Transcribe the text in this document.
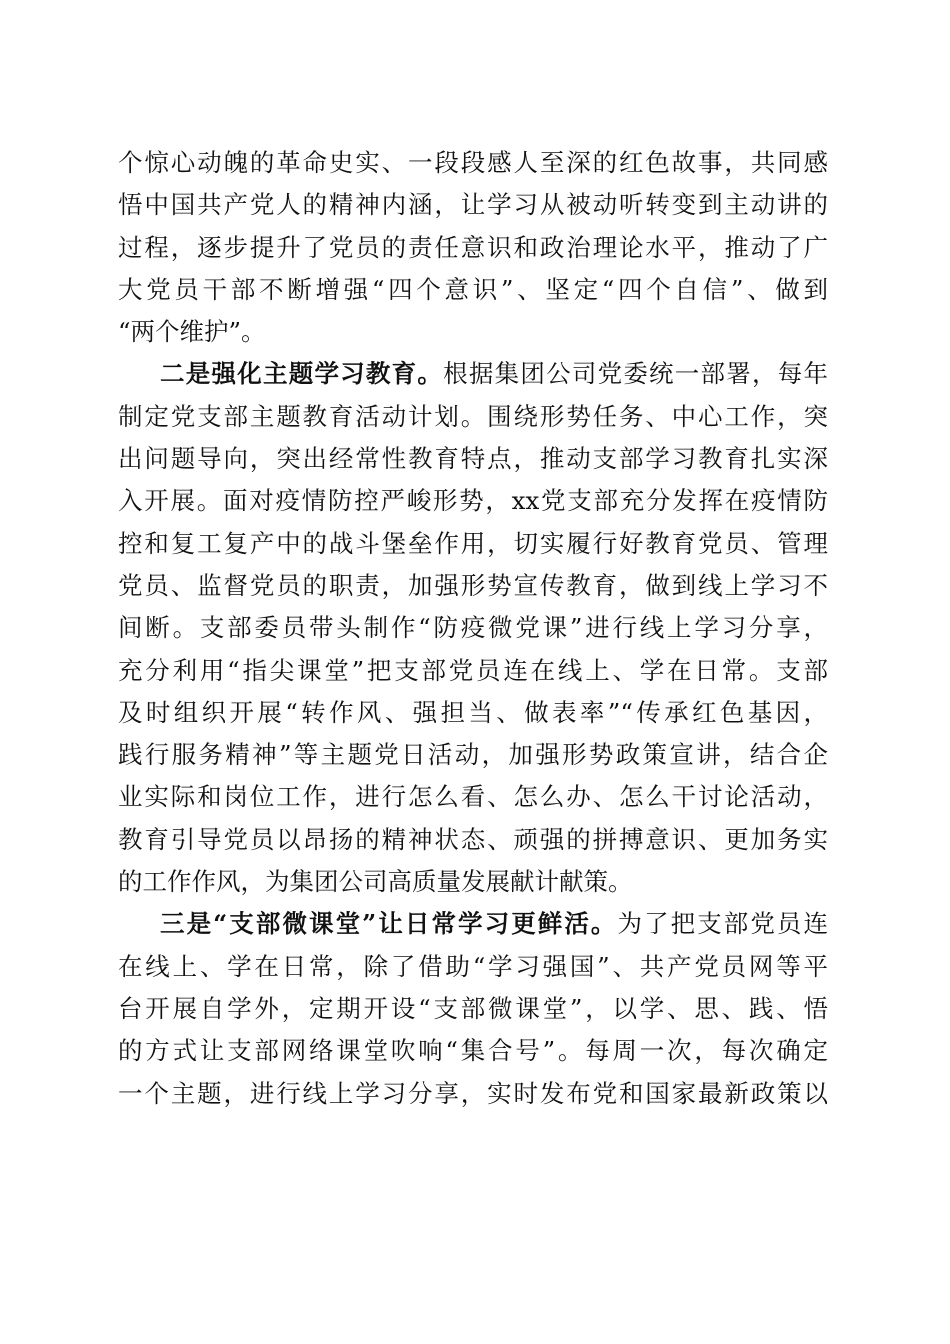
个惊心动魄的革命史实、一段段感人至深的红色故事，共同感
悟中国共产党人的精神内涵，让学习从被动听转变到主动讲的
过程，逐步提升了党员的责任意识和政治理论水平，推动了广
大党员干部不断增强“四个意识”、坚定“四个自信”、做到
“两个维护”。
二是强化主题学习教育。根据集团公司党委统一部署，每年
制定党支部主题教育活动计划。围绕形势任务、中心工作，突
出问题导向，突出经常性教育特点，推动支部学习教育扎实深
入开展。面对疫情防控严峻形势，xx党支部充分发挥在疫情防
控和复工复产中的战斗堡垒作用，切实履行好教育党员、管理
党员、监督党员的职责，加强形势宣传教育，做到线上学习不
间断。支部委员带头制作“防疫微党课”进行线上学习分享，
充分利用“指尖课堂”把支部党员连在线上、学在日常。支部
及时组织开展“转作风、强担当、做表率”“传承红色基因，
践行服务精神”等主题党日活动，加强形势政策宣讲，结合企
业实际和岗位工作，进行怎么看、怎么办、怎么干讨论活动，
教育引导党员以昂扬的精神状态、顽强的拼搏意识、更加务实
的工作作风，为集团公司高质量发展献计献策。
三是“支部微课堂”让日常学习更鲜活。为了把支部党员连
在线上、学在日常，除了借助“学习强国”、共产党员网等平
台开展自学外，定期开设“支部微课堂”，以学、思、践、悟
的方式让支部网络课堂吹响“集合号”。每周一次，每次确定
一个主题，进行线上学习分享，实时发布党和国家最新政策以
